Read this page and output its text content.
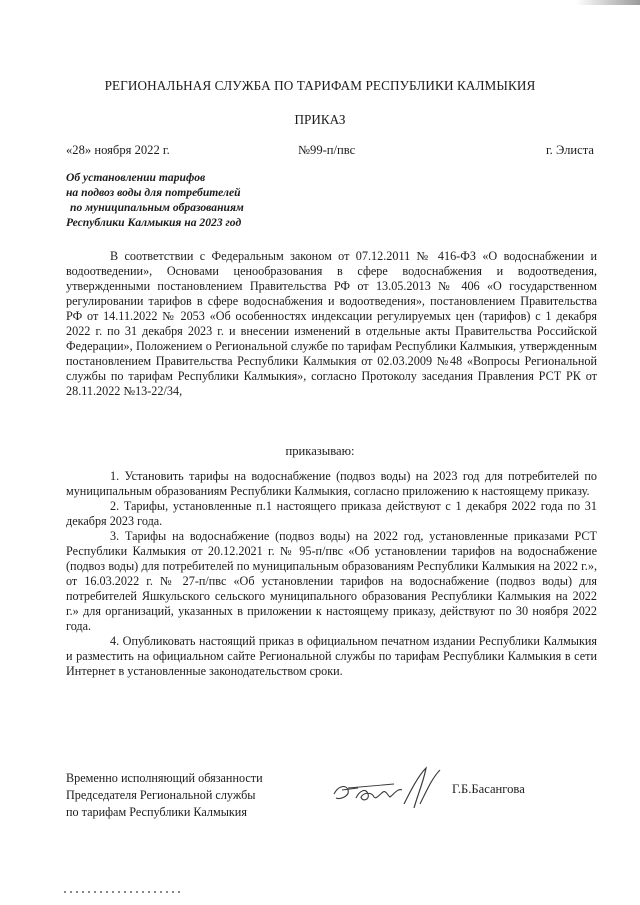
РЕГИОНАЛЬНАЯ СЛУЖБА ПО ТАРИФАМ РЕСПУБЛИКИ КАЛМЫКИЯ
ПРИКАЗ
«28» ноября 2022 г.	№99-п/пвс	г. Элиста
Об установлении тарифов
на подвоз воды для потребителей
по муниципальным образованиям
Республики Калмыкия на 2023 год

В соответствии с Федеральным законом от 07.12.2011 № 416-ФЗ «О водоснабжении и водоотведении», Основами ценообразования в сфере водоснабжения и водоотведения, утвержденными постановлением Правительства РФ от 13.05.2013 № 406 «О государственном регулировании тарифов в сфере водоснабжения и водоотведения», постановлением Правительства РФ от 14.11.2022 № 2053 «Об особенностях индексации регулируемых цен (тарифов) с 1 декабря 2022 г. по 31 декабря 2023 г. и внесении изменений в отдельные акты Правительства Российской Федерации», Положением о Региональной службе по тарифам Республики Калмыкия, утвержденным постановлением Правительства Республики Калмыкия от 02.03.2009 №48 «Вопросы Региональной службы по тарифам Республики Калмыкия», согласно Протоколу заседания Правления РСТ РК от 28.11.2022 №13-22/34,

приказываю:

1. Установить тарифы на водоснабжение (подвоз воды) на 2023 год для потребителей по муниципальным образованиям Республики Калмыкия, согласно приложению к настоящему приказу.

2. Тарифы, установленные п.1 настоящего приказа действуют с 1 декабря 2022 года по 31 декабря 2023 года.

3. Тарифы на водоснабжение (подвоз воды) на 2022 год, установленные приказами РСТ Республики Калмыкия от 20.12.2021 г. № 95-п/пвс «Об установлении тарифов на водоснабжение (подвоз воды) для потребителей по муниципальным образованиям Республики Калмыкия на 2022 г.», от 16.03.2022 г. № 27-п/пвс «Об установлении тарифов на водоснабжение (подвоз воды) для потребителей Яшкульского сельского муниципального образования Республики Калмыкия на 2022 г.» для организаций, указанных в приложении к настоящему приказу, действуют по 30 ноября 2022 года.

4. Опубликовать настоящий приказ в официальном печатном издании Республики Калмыкия и разместить на официальном сайте Региональной службы по тарифам Республики Калмыкия в сети Интернет в установленные законодательством сроки.

Временно исполняющий обязанности
Председателя Региональной службы
по тарифам Республики Калмыкия
Г.Б.Басангова
